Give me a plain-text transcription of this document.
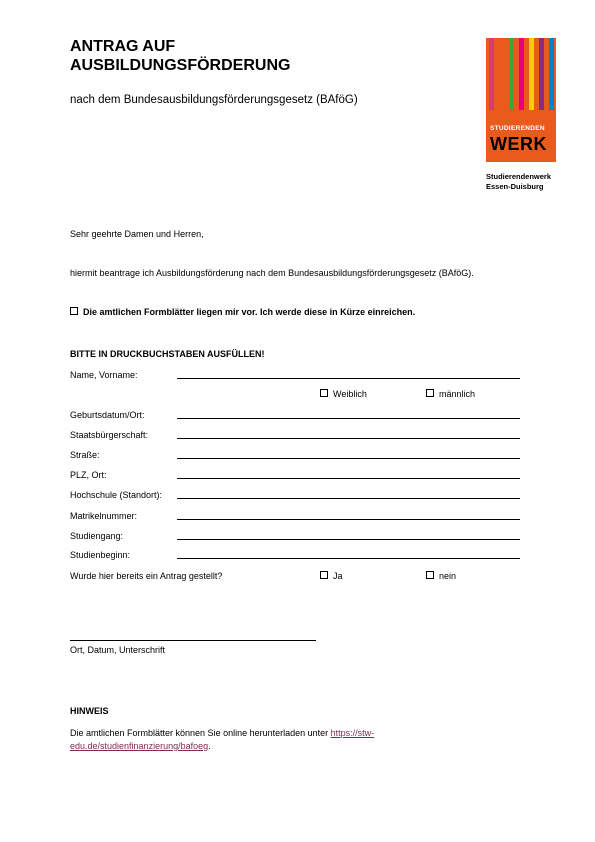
ANTRAG AUF
AUSBILDUNGSFÖRDERUNG
nach dem Bundesausbildungsförderungsgesetz (BAföG)
STUDIERENDEN
WERK
Studierendenwerk
Essen-Duisburg
Sehr geehrte Damen und Herren,
hiermit beantrage ich Ausbildungsförderung nach dem Bundesausbildungsförderungsgesetz (BAföG).
Die amtlichen Formblätter liegen mir vor. Ich werde diese in Kürze einreichen.
BITTE IN DRUCKBUCHSTABEN AUSFÜLLEN!
Name, Vorname:
Weiblich	männlich
Geburtsdatum/Ort:
Staatsbürgerschaft:
Straße:
PLZ, Ort:
Hochschule (Standort):
Matrikelnummer:
Studiengang:
Studienbeginn:
Wurde hier bereits ein Antrag gestellt?	Ja	nein
Ort, Datum, Unterschrift
HINWEIS
Die amtlichen Formblätter können Sie online herunterladen unter https://stw-
edu.de/studienfinanzierung/bafoeg.
